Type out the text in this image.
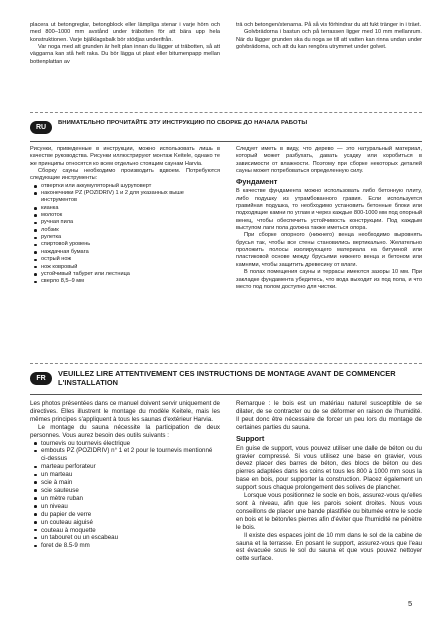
placera ut betongreglar, betongblock eller lämpliga stenar i varje hörn och med 800–1000 mm avstånd under träbotten för att bära upp hela konstruktionen. Varje bjälklagsbalk bör stödjas underifrån.

Var noga med att grunden är helt plan innan du lägger ut träbotten, så att väggarna kan stå helt raka. Du bör lägga ut plast eller bitumenpapp mellan bottenplattan av

trä och betongen/stenarna. På så vis förhindrar du att fukt tränger in i träet.

Golvbrädorna i bastun och på terrassen ligger med 10 mm mellanrum. När du lägger grunden ska du noga se till att vatten kan rinna undan under golvbrädorna, och att du kan rengöra utrymmet under golvet.

RU
ВНИМАТЕЛЬНО ПРОЧИТАЙТЕ ЭТУ ИНСТРУКЦИЮ ПО СБОРКЕ ДО НАЧАЛА РАБОТЫ

Рисунки, приведенные в инструкции, можно использовать лишь в качестве руководства. Рисунки иллюстрируют монтаж Keitele, однако те же принципы относятся ко всем отдельно стоящим саунам Harvia.

Сборку сауны необходимо производить вдвоем. Потребуются следующие инструменты:

отвертки или аккумуляторный шуруповерт
наконечники PZ (POZIDRIV) 1 и 2 для указанных выше инструментов
кианка
молоток
ручная пила
лобзик
рулетка
спиртовой уровень
наждачная бумага
острый нож
нож ковровый
устойчивый табурет или лестница
сверло 8,5–9 мм

Следует иметь в виду, что дерево — это натуральный материал, который может разбухать, давать усадку или коробиться в зависимости от влажности. Поэтому при сборке некоторых деталей сауны может потребоваться определенную силу.

Фундамент

В качестве фундамента можно использовать либо бетонную плиту, либо подушку из утрамбованного гравия. Если используется гравийная подушка, то необходимо установить бетонные блоки или подходящие камни по углам и через каждые 800-1000 мм под опорный венец, чтобы обеспечить устойчивость конструкции. Под каждым выступом лаги пола должна также иметься опора.

При сборке опорного (нижнего) венца необходимо выровнять брусья так, чтобы все стены становились вертикально. Желательно проложить полосы изолирующего материала на битумной или пластиковой основе между брусьями нижнего венца и бетоном или камнями, чтобы защитить древесину от влаги.

В полах помещения сауны и террасы имеются зазоры 10 мм. При закладке фундамента убедитесь, что вода выходит из под пола, и что место под полом доступно для чистки.

FR
VEUILLEZ LIRE ATTENTIVEMENT CES INSTRUCTIONS DE MONTAGE AVANT DE COMMENCER L'INSTALLATION

Les photos présentées dans ce manuel doivent servir uniquement de directives. Elles illustrent le montage du modèle Keitele, mais les mêmes principes s'appliquent à tous les saunas d'extérieur Harvia.

Le montage du sauna nécessite la participation de deux personnes. Vous aurez besoin des outils suivants :

tournevis ou tournevis électrique
embouts PZ (POZIDRIV) n° 1 et 2 pour le tournevis mentionné ci-dessus
marteau perforateur
un marteau
scie à main
scie sauteuse
un mètre ruban
un niveau
du papier de verre
un couteau aiguisé
couteau à moquette
un tabouret ou un escabeau
foret de 8.5-9 mm

Remarque : le bois est un matériau naturel susceptible de se dilater, de se contracter ou de se déformer en raison de l'humidité. Il peut donc être nécessaire de forcer un peu lors du montage de certaines parties du sauna.

Support

En guise de support, vous pouvez utiliser une dalle de béton ou du gravier compressé. Si vous utilisez une base en gravier, vous devez placer des barres de béton, des blocs de béton ou des pierres adaptées dans les coins et tous les 800 à 1000 mm sous la base en bois, pour supporter la construction. Placez également un support sous chaque prolongement des solives de plancher.

Lorsque vous positionnez le socle en bois, assurez-vous qu'elles sont à niveau, afin que les parois soient droites. Nous vous conseillons de placer une bande plastifiée ou bitumée entre le socle en bois et le béton/les pierres afin d'éviter que l'humidité ne pénètre le bois.

Il existe des espaces joint de 10 mm dans le sol de la cabine de sauna et la terrasse. En posant le support, assurez-vous que l'eau est évacuée sous le sol du sauna et que vous pouvez nettoyer cette surface.

5
